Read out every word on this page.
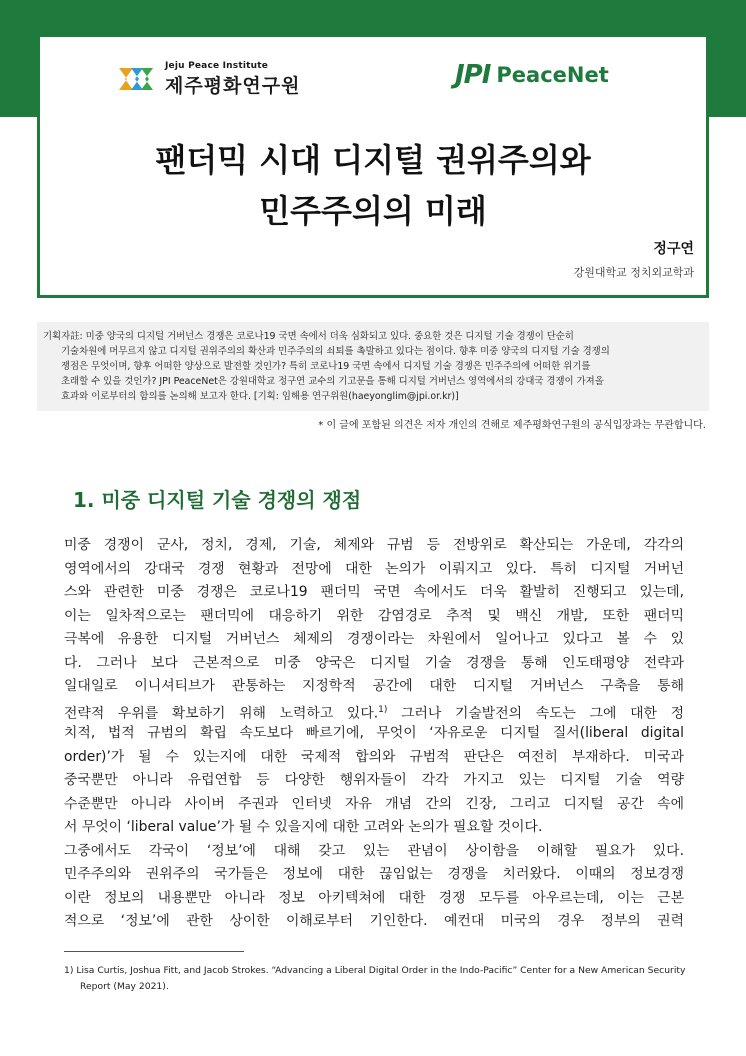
Jeju Peace Institute
제주평화연구원	JPI PeaceNet
팬더믹 시대 디지털 권위주의와
민주주의의 미래
정구연
강원대학교 정치외교학과
기획자註: 미중 양국의 디지털 거버넌스 경쟁은 코로나19 국면 속에서 더욱 심화되고 있다. 중요한 것은 디지털 기술 경쟁이 단순히
기술차원에 머무르지 않고 디지털 권위주의의 확산과 민주주의의 쇠퇴를 촉발하고 있다는 점이다. 향후 미중 양국의 디지털 기술 경쟁의
쟁점은 무엇이며, 향후 어떠한 양상으로 발전할 것인가? 특히 코로나19 국면 속에서 디지털 기술 경쟁은 민주주의에 어떠한 위기를
초래할 수 있을 것인가? JPI PeaceNet은 강원대학교 정구연 교수의 기고문을 통해 디지털 거버넌스 영역에서의 강대국 경쟁이 가져올
효과와 이로부터의 함의를 논의해 보고자 한다. [기획: 임해용 연구위원(haeyonglim@jpi.or.kr)]
* 이 글에 포함된 의견은 저자 개인의 견해로 제주평화연구원의 공식입장과는 무관합니다.
1. 미중 디지털 기술 경쟁의 쟁점
미중 경쟁이 군사, 정치, 경제, 기술, 체제와 규범 등 전방위로 확산되는 가운데, 각각의
영역에서의 강대국 경쟁 현황과 전망에 대한 논의가 이뤄지고 있다. 특히 디지털 거버넌
스와 관련한 미중 경쟁은 코로나19 팬더믹 국면 속에서도 더욱 활발히 진행되고 있는데,
이는 일차적으로는 팬더믹에 대응하기 위한 감염경로 추적 및 백신 개발, 또한 팬더믹
극복에 유용한 디지털 거버넌스 체제의 경쟁이라는 차원에서 일어나고 있다고 볼 수 있
다. 그러나 보다 근본적으로 미중 양국은 디지털 기술 경쟁을 통해 인도태평양 전략과
일대일로 이니셔티브가 관통하는 지정학적 공간에 대한 디지털 거버넌스 구축을 통해
전략적 우위를 확보하기 위해 노력하고 있다.$^{1)}$ 그러나 기술발전의 속도는 그에 대한 정
치적, 법적 규범의 확립 속도보다 빠르기에, 무엇이 ‘자유로운 디지털 질서(liberal digital
order)’가 될 수 있는지에 대한 국제적 합의와 규범적 판단은 여전히 부재하다. 미국과
중국뿐만 아니라 유럽연합 등 다양한 행위자들이 각각 가지고 있는 디지털 기술 역량
수준뿐만 아니라 사이버 주권과 인터넷 자유 개념 간의 긴장, 그리고 디지털 공간 속에
서 무엇이 ‘liberal value’가 될 수 있을지에 대한 고려와 논의가 필요할 것이다.
그중에서도 각국이 ‘정보’에 대해 갖고 있는 관념이 상이함을 이해할 필요가 있다.
민주주의와 권위주의 국가들은 정보에 대한 끊임없는 경쟁을 치러왔다. 이때의 정보경쟁
이란 정보의 내용뿐만 아니라 정보 아키텍쳐에 대한 경쟁 모두를 아우르는데, 이는 근본
적으로 ‘정보’에 관한 상이한 이해로부터 기인한다. 예컨대 미국의 경우 정부의 권력
1) Lisa Curtis, Joshua Fitt, and Jacob Strokes. “Advancing a Liberal Digital Order in the Indo-Pacific” Center for a New American Security
Report (May 2021).
